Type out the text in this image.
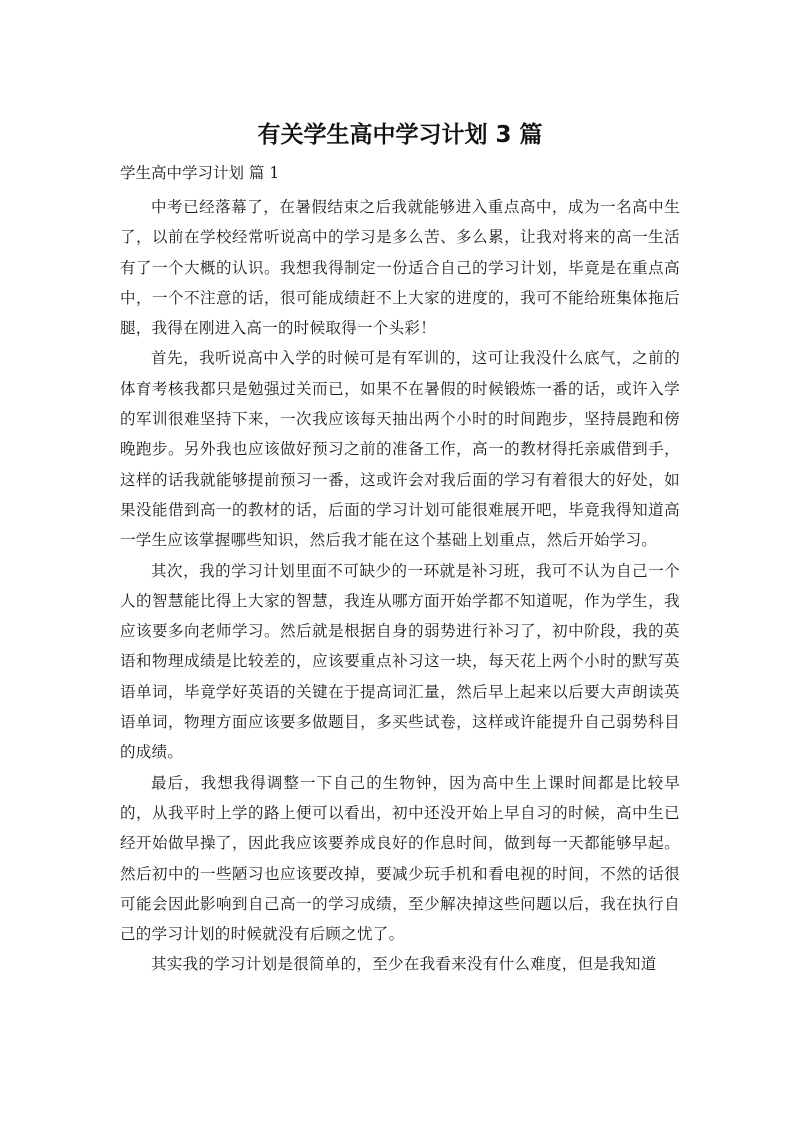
有关学生高中学习计划 3 篇

学生高中学习计划 篇 1

中考已经落幕了，在暑假结束之后我就能够进入重点高中，成为一名高中生了，以前在学校经常听说高中的学习是多么苦、多么累，让我对将来的高一生活有了一个大概的认识。我想我得制定一份适合自己的学习计划，毕竟是在重点高中，一个不注意的话，很可能成绩赶不上大家的进度的，我可不能给班集体拖后腿，我得在刚进入高一的时候取得一个头彩！

首先，我听说高中入学的时候可是有军训的，这可让我没什么底气，之前的体育考核我都只是勉强过关而已，如果不在暑假的时候锻炼一番的话，或许入学的军训很难坚持下来，一次我应该每天抽出两个小时的时间跑步，坚持晨跑和傍晚跑步。另外我也应该做好预习之前的准备工作，高一的教材得托亲戚借到手，这样的话我就能够提前预习一番，这或许会对我后面的学习有着很大的好处，如果没能借到高一的教材的话，后面的学习计划可能很难展开吧，毕竟我得知道高一学生应该掌握哪些知识，然后我才能在这个基础上划重点，然后开始学习。

其次，我的学习计划里面不可缺少的一环就是补习班，我可不认为自己一个人的智慧能比得上大家的智慧，我连从哪方面开始学都不知道呢，作为学生，我应该要多向老师学习。然后就是根据自身的弱势进行补习了，初中阶段，我的英语和物理成绩是比较差的，应该要重点补习这一块，每天花上两个小时的默写英语单词，毕竟学好英语的关键在于提高词汇量，然后早上起来以后要大声朗读英语单词，物理方面应该要多做题目，多买些试卷，这样或许能提升自己弱势科目的成绩。

最后，我想我得调整一下自己的生物钟，因为高中生上课时间都是比较早的，从我平时上学的路上便可以看出，初中还没开始上早自习的时候，高中生已经开始做早操了，因此我应该要养成良好的作息时间，做到每一天都能够早起。然后初中的一些陋习也应该要改掉，要减少玩手机和看电视的时间，不然的话很可能会因此影响到自己高一的学习成绩，至少解决掉这些问题以后，我在执行自己的学习计划的时候就没有后顾之忧了。

其实我的学习计划是很简单的，至少在我看来没有什么难度，但是我知道
